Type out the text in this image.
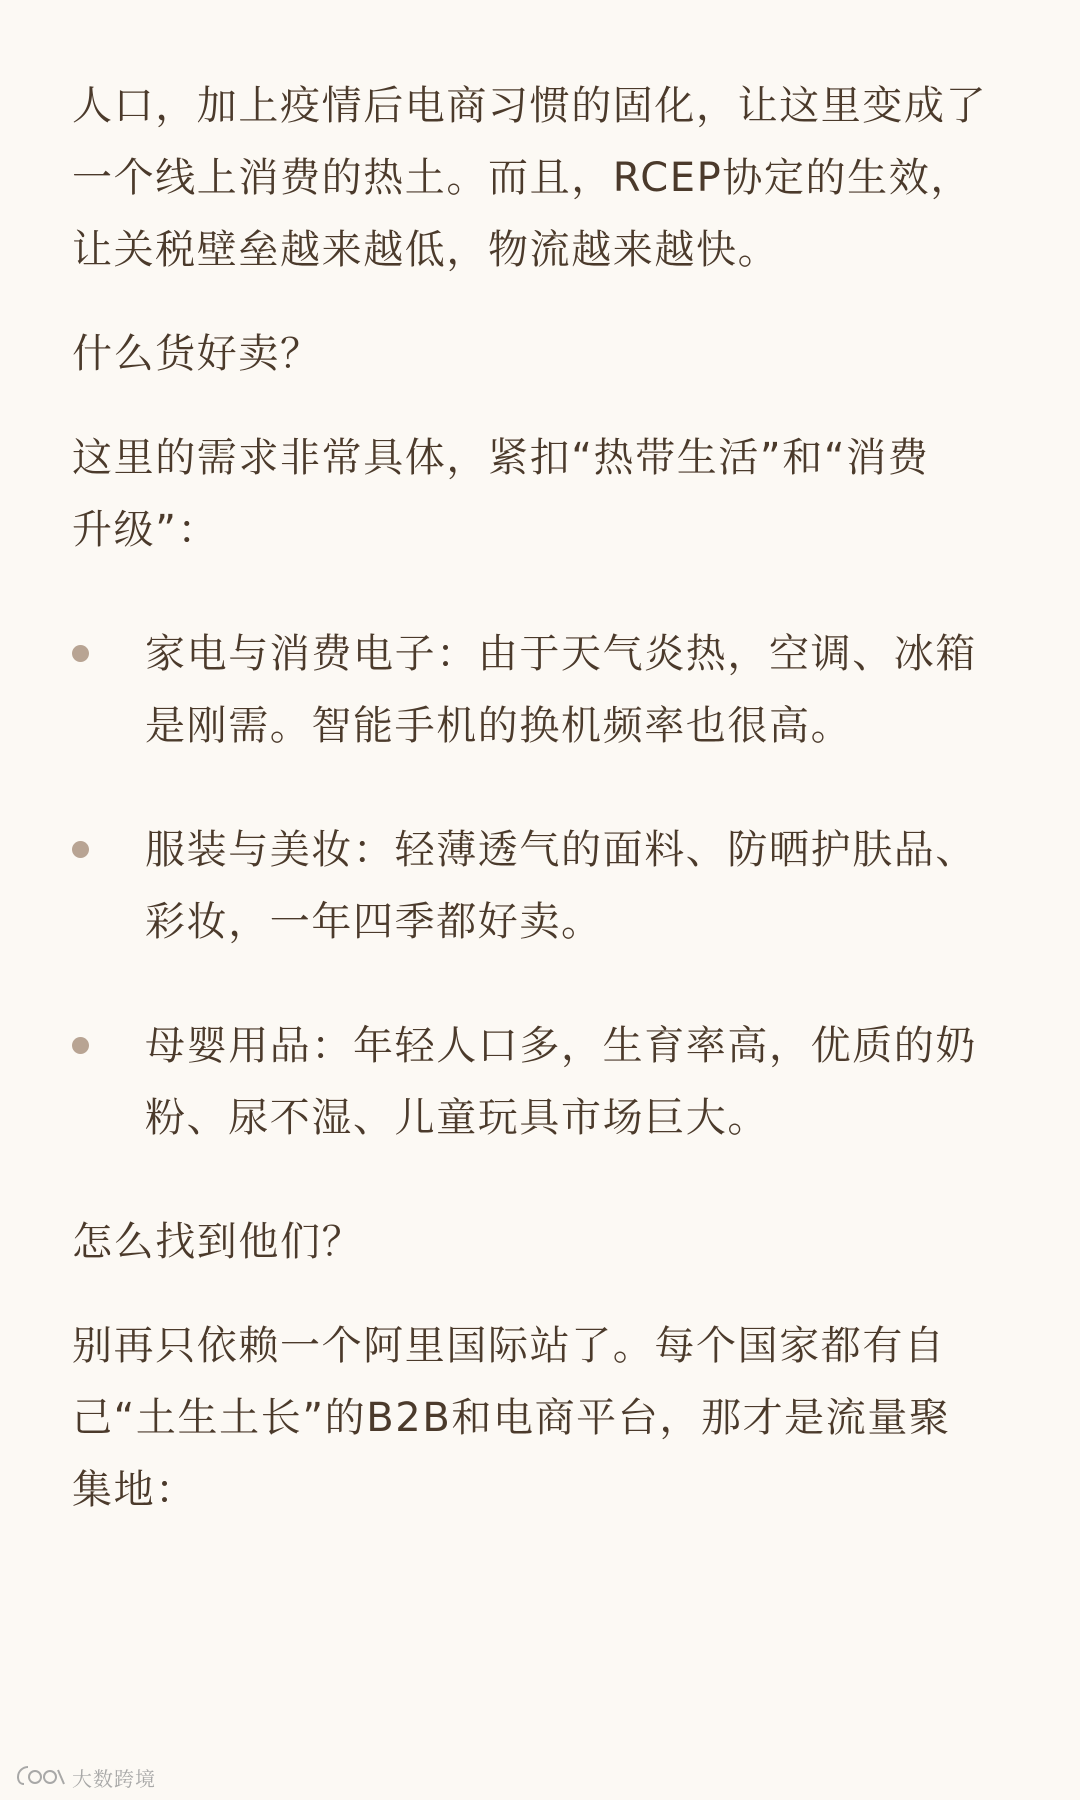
人口，加上疫情后电商习惯的固化，让这里变成了
一个线上消费的热土。而且，RCEP协定的生效，
让关税壁垒越来越低，物流越来越快。

什么货好卖？

这里的需求非常具体，紧扣“热带生活”和“消费
升级”：

家电与消费电子：由于天气炎热，空调、冰箱
是刚需。智能手机的换机频率也很高。

服装与美妆：轻薄透气的面料、防晒护肤品、
彩妆，一年四季都好卖。

母婴用品：年轻人口多，生育率高，优质的奶
粉、尿不湿、儿童玩具市场巨大。

怎么找到他们？

别再只依赖一个阿里国际站了。每个国家都有自
己“土生土长”的B2B和电商平台，那才是流量聚
集地：

大数跨境
